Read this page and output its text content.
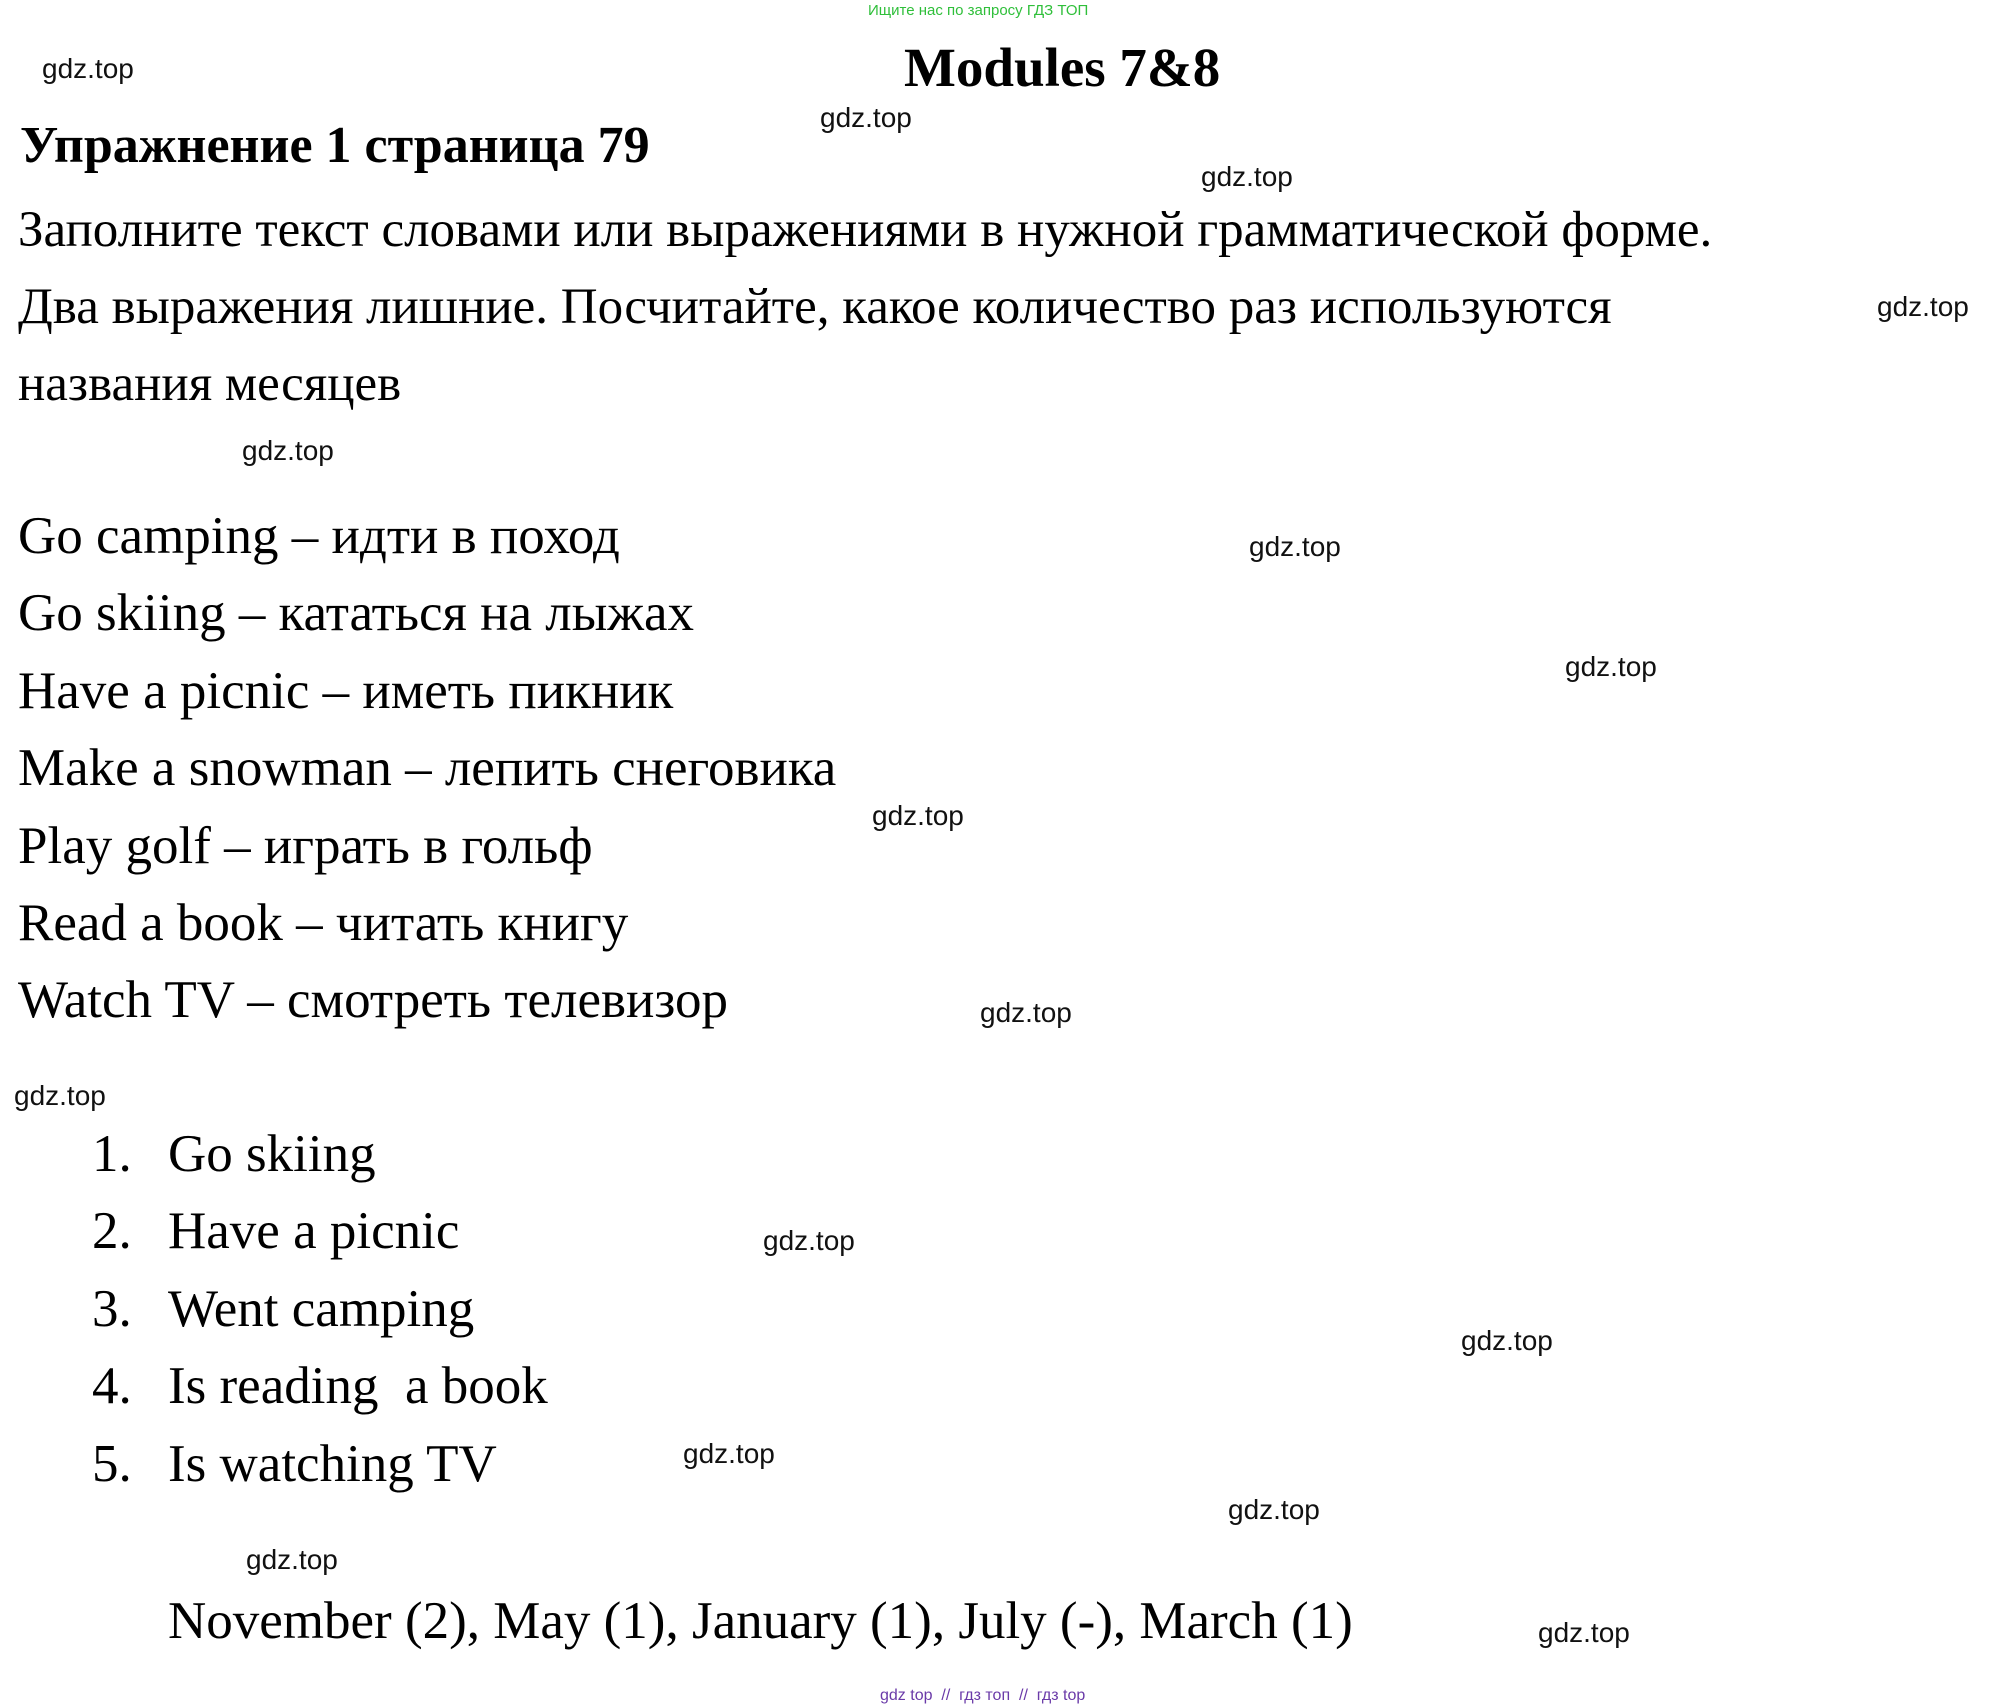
Ищите нас по запросу ГДЗ ТОП
Modules 7&8
Упражнение 1 страница 79
Заполните текст словами или выражениями в нужной грамматической форме.
Два выражения лишние. Посчитайте, какое количество раз используются
названия месяцев
Go camping – идти в поход
Go skiing – кататься на лыжах
Have a picnic – иметь пикник
Make a snowman – лепить снеговика
Play golf – играть в гольф
Read a book – читать книгу
Watch TV – смотреть телевизор
1. Go skiing
2. Have a picnic
3. Went camping
4. Is reading  a book
5. Is watching TV
November (2), May (1), January (1), July (-), March (1)
gdz.top
gdz.top
gdz.top
gdz.top
gdz.top
gdz.top
gdz.top
gdz.top
gdz.top
gdz.top
gdz.top
gdz.top
gdz.top
gdz.top
gdz.top
gdz.top
gdz top  //  гдз топ  //  гдз top
